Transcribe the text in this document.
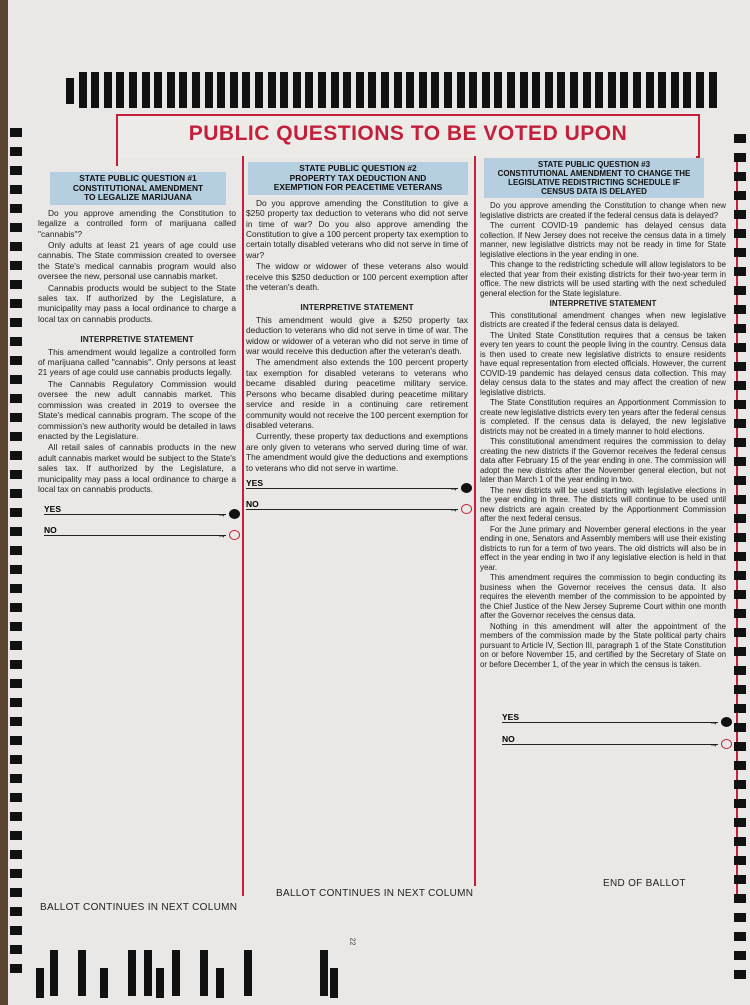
PUBLIC QUESTIONS TO BE VOTED UPON
STATE PUBLIC QUESTION #1
CONSTITUTIONAL AMENDMENT
TO LEGALIZE MARIJUANA

Do you approve amending the Constitution to legalize a controlled form of marijuana called "cannabis"?

Only adults at least 21 years of age could use cannabis. The State commission created to oversee the State's medical cannabis program would also oversee the new, personal use cannabis market.

Cannabis products would be subject to the State sales tax. If authorized by the Legislature, a municipality may pass a local ordinance to charge a local tax on cannabis products.

INTERPRETIVE STATEMENT

This amendment would legalize a controlled form of marijuana called "cannabis". Only persons at least 21 years of age could use cannabis products legally.

The Cannabis Regulatory Commission would oversee the new adult cannabis market. This commission was created in 2019 to oversee the State's medical cannabis program. The scope of the commission's new authority would be detailed in laws enacted by the Legislature.

All retail sales of cannabis products in the new adult cannabis market would be subject to the State's sales tax. If authorized by the Legislature, a municipality may pass a local ordinance to charge a local tax on cannabis products.

YES	→
NO	→
STATE PUBLIC QUESTION #2
PROPERTY TAX DEDUCTION AND
EXEMPTION FOR PEACETIME VETERANS

Do you approve amending the Constitution to give a $250 property tax deduction to veterans who did not serve in time of war? Do you also approve amending the Constitution to give a 100 percent property tax exemption to certain totally disabled veterans who did not serve in time of war?

The widow or widower of these veterans also would receive this $250 deduction or 100 percent exemption after the veteran's death.

INTERPRETIVE STATEMENT

This amendment would give a $250 property tax deduction to veterans who did not serve in time of war. The widow or widower of a veteran who did not serve in time of war would receive this deduction after the veteran's death.

The amendment also extends the 100 percent property tax exemption for disabled veterans to veterans who became disabled during peacetime military service. Persons who became disabled during peacetime military service and reside in a continuing care retirement community would not receive the 100 percent exemption for disabled veterans.

Currently, these property tax deductions and exemptions are only given to veterans who served during time of war. The amendment would give the deductions and exemptions to veterans who did not serve in wartime.

YES	→
NO	→
STATE PUBLIC QUESTION #3
CONSTITUTIONAL AMENDMENT TO CHANGE THE
LEGISLATIVE REDISTRICTING SCHEDULE IF
CENSUS DATA IS DELAYED

Do you approve amending the Constitution to change when new legislative districts are created if the federal census data is delayed?

The current COVID-19 pandemic has delayed census data collection. If New Jersey does not receive the census data in a timely manner, new legislative districts may not be ready in time for State legislative elections in the year ending in one.

This change to the redistricting schedule will allow legislators to be elected that year from their existing districts for their two-year term in office. The new districts will be used starting with the next scheduled general election for the State legislature.

INTERPRETIVE STATEMENT

This constitutional amendment changes when new legislative districts are created if the federal census data is delayed.

The United State Constitution requires that a census be taken every ten years to count the people living in the country. Census data is then used to create new legislative districts to ensure residents have equal representation from elected officials. However, the current COVID-19 pandemic has delayed census data collection. This may delay census data to the states and may affect the creation of new legislative districts.

The State Constitution requires an Apportionment Commission to create new legislative districts every ten years after the federal census is completed. If the census data is delayed, the new legislative districts may not be created in a timely manner to hold elections.

This constitutional amendment requires the commission to delay creating the new districts if the Governor receives the federal census data after February 15 of the year ending in one. The commission will adopt the new districts after the November general election, but not later than March 1 of the year ending in two.

The new districts will be used starting with legislative elections in the year ending in three. The districts will continue to be used until new districts are again created by the Apportionment Commission after the next federal census.

For the June primary and November general elections in the year ending in one, Senators and Assembly members will use their existing districts to run for a term of two years. The old districts will also be in effect in the year ending in two if any legislative election is held in that year.

This amendment requires the commission to begin conducting its business when the Governor receives the census data. It also requires the eleventh member of the commission to be appointed by the Chief Justice of the New Jersey Supreme Court within one month after the Governor receives the census data.

Nothing in this amendment will alter the appointment of the members of the commission made by the State political party chairs pursuant to Article IV, Section III, paragraph 1 of the State Constitution on or before November 15, and certified by the Secretary of State on or before December 1, of the year in which the census is taken.

YES	→
NO	→
BALLOT CONTINUES IN NEXT COLUMN
BALLOT CONTINUES IN NEXT COLUMN
END OF BALLOT
22
